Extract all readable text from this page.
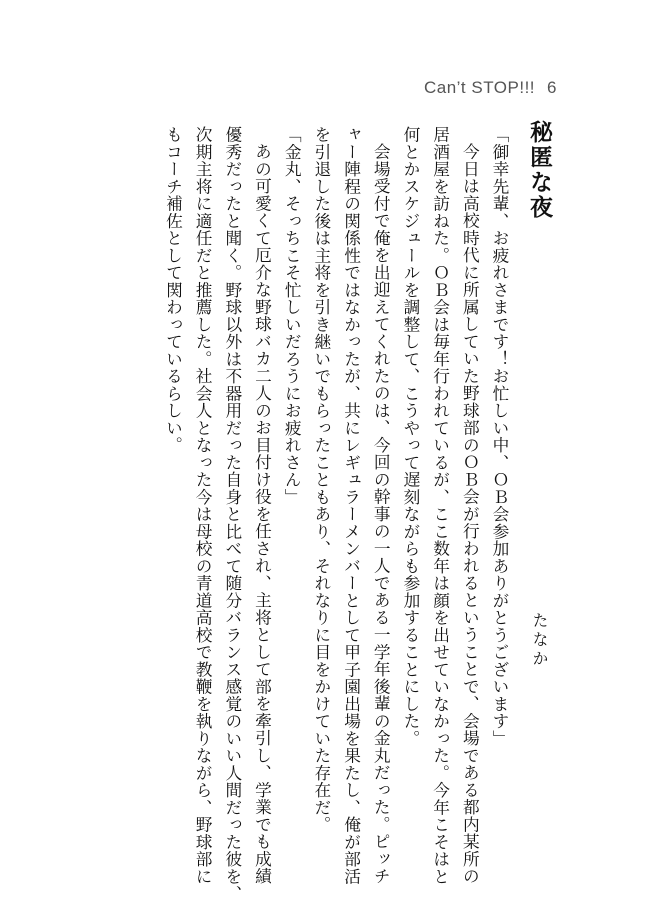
Can’t STOP!!! 6
秘匿な夜
たなか
「御幸先輩、お疲れさまです！お忙しい中、ＯＢ会参加ありがとうございます」
今日は高校時代に所属していた野球部のＯＢ会が行われるということで、会場である都内某所の
居酒屋を訪ねた。ＯＢ会は毎年行われているが、ここ数年は顔を出せていなかった。今年こそはと
何とかスケジュールを調整して、こうやって遅刻ながらも参加することにした。
会場受付で俺を出迎えてくれたのは、今回の幹事の一人である一学年後輩の金丸だった。ピッチ
ャー陣程の関係性ではなかったが、共にレギュラーメンバーとして甲子園出場を果たし、俺が部活
を引退した後は主将を引き継いでもらったこともあり、それなりに目をかけていた存在だ。
「金丸、そっちこそ忙しいだろうにお疲れさん」
あの可愛くて厄介な野球バカ二人のお目付け役を任され、主将として部を牽引し、学業でも成績
優秀だったと聞く。野球以外は不器用だった自身と比べて随分バランス感覚のいい人間だった彼を、
次期主将に適任だと推薦した。社会人となった今は母校の青道高校で教鞭を執りながら、野球部に
もコーチ補佐として関わっているらしい。
